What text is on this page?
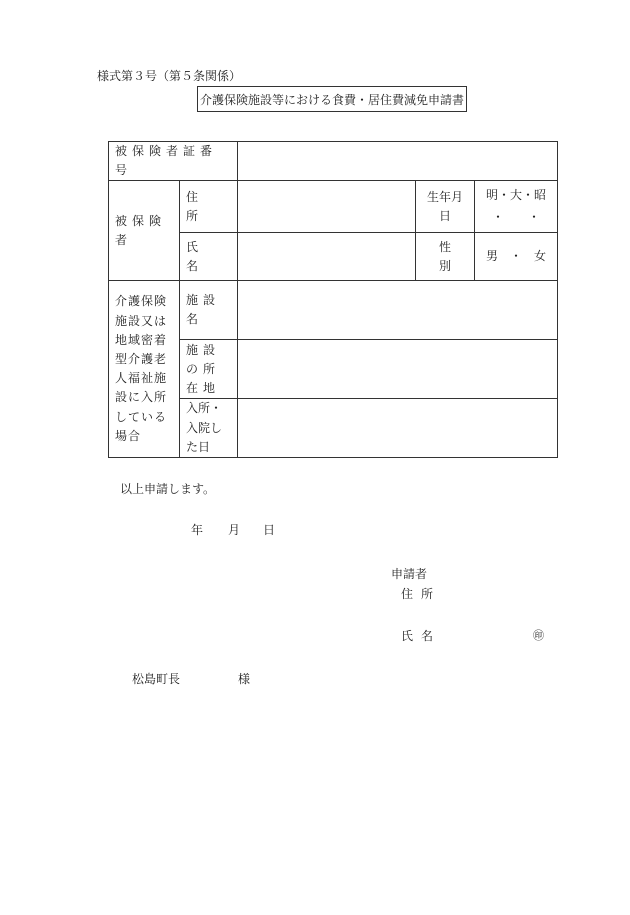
様式第３号（第５条関係）
介護保険施設等における食費・居住費減免申請書
被保険者証番号				
被保険者	住　　所		生年月日	明・大・昭
・　　・

	氏　　名		性　　別	男　・　女
介護保険施設又は地域密着型介護老人福祉施設に入所している場合	施設名			
	施設の所在地			
	入所・入院した日			
以上申請します。
年 月 日
申請者
住所
氏名	㊞
松島町長	様
